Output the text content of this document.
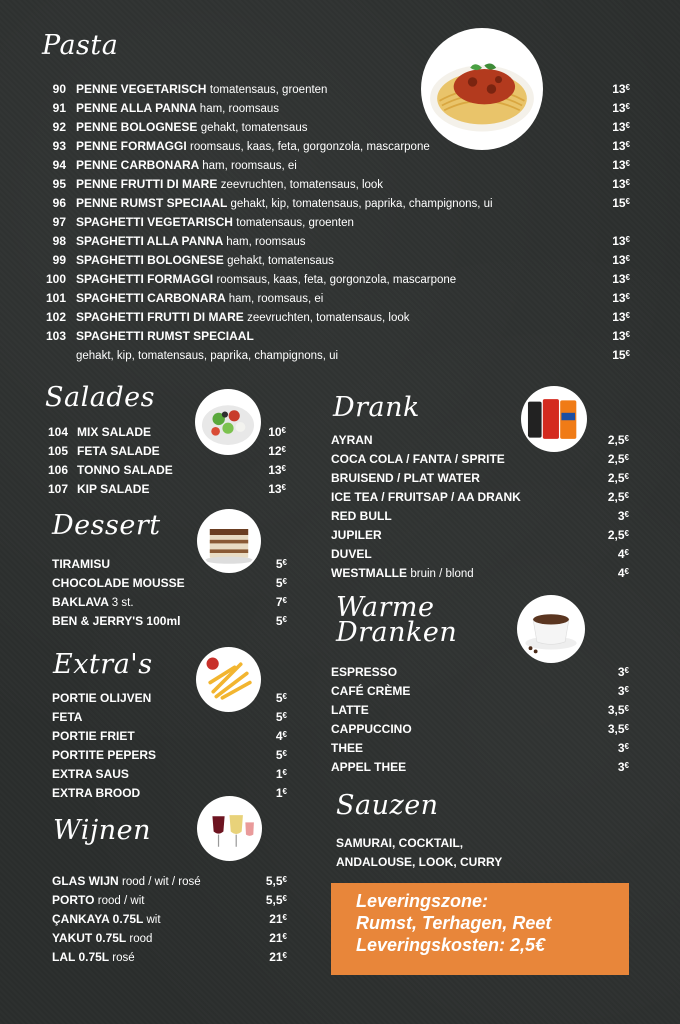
Pasta
Salades
Dessert
Extra's
Wijnen
Drank
Warme
Dranken
Sauzen
90 PENNE VEGETARISCH tomatensaus, groenten	13€
91 PENNE ALLA PANNA ham, roomsaus	13€
92 PENNE BOLOGNESE gehakt, tomatensaus	13€
93 PENNE FORMAGGI roomsaus, kaas, feta, gorgonzola, mascarpone	13€
94 PENNE CARBONARA ham, roomsaus, ei	13€
95 PENNE FRUTTI DI MARE zeevruchten, tomatensaus, look	13€
96 PENNE RUMST SPECIAAL gehakt, kip, tomatensaus, paprika, champignons, ui	15€
97 SPAGHETTI VEGETARISCH tomatensaus, groenten
98 SPAGHETTI ALLA PANNA ham, roomsaus	13€
99 SPAGHETTI BOLOGNESE gehakt, tomatensaus	13€
100 SPAGHETTI FORMAGGI roomsaus, kaas, feta, gorgonzola, mascarpone	13€
101 SPAGHETTI CARBONARA ham, roomsaus, ei	13€
102 SPAGHETTI FRUTTI DI MARE zeevruchten, tomatensaus, look	13€
103 SPAGHETTI RUMST SPECIAAL	13€
gehakt, kip, tomatensaus, paprika, champignons, ui	15€
104 MIX SALADE	10€
105 FETA SALADE	12€
106 TONNO SALADE	13€
107 KIP SALADE	13€
TIRAMISU	5€
CHOCOLADE MOUSSE	5€
BAKLAVA 3 st.	7€
BEN & JERRY'S 100ml	5€
PORTIE OLIJVEN	5€
FETA	5€
PORTIE FRIET	4€
PORTITE PEPERS	5€
EXTRA SAUS	1€
EXTRA BROOD	1€
GLAS WIJN rood / wit / rosé	5,5€
PORTO rood / wit	5,5€
ÇANKAYA 0.75L wit	21€
YAKUT 0.75L rood	21€
LAL 0.75L rosé	21€
AYRAN	2,5€
COCA COLA / FANTA / SPRITE	2,5€
BRUISEND / PLAT WATER	2,5€
ICE TEA / FRUITSAP / AA DRANK	2,5€
RED BULL	3€
JUPILER	2,5€
DUVEL	4€
WESTMALLE bruin / blond	4€
ESPRESSO	3€
CAFÉ CRÈME	3€
LATTE	3,5€
CAPPUCCINO	3,5€
THEE	3€
APPEL THEE	3€
SAMURAI, COCKTAIL,
ANDALOUSE, LOOK, CURRY
Leveringszone:
Rumst, Terhagen, Reet
Leveringskosten: 2,5€
